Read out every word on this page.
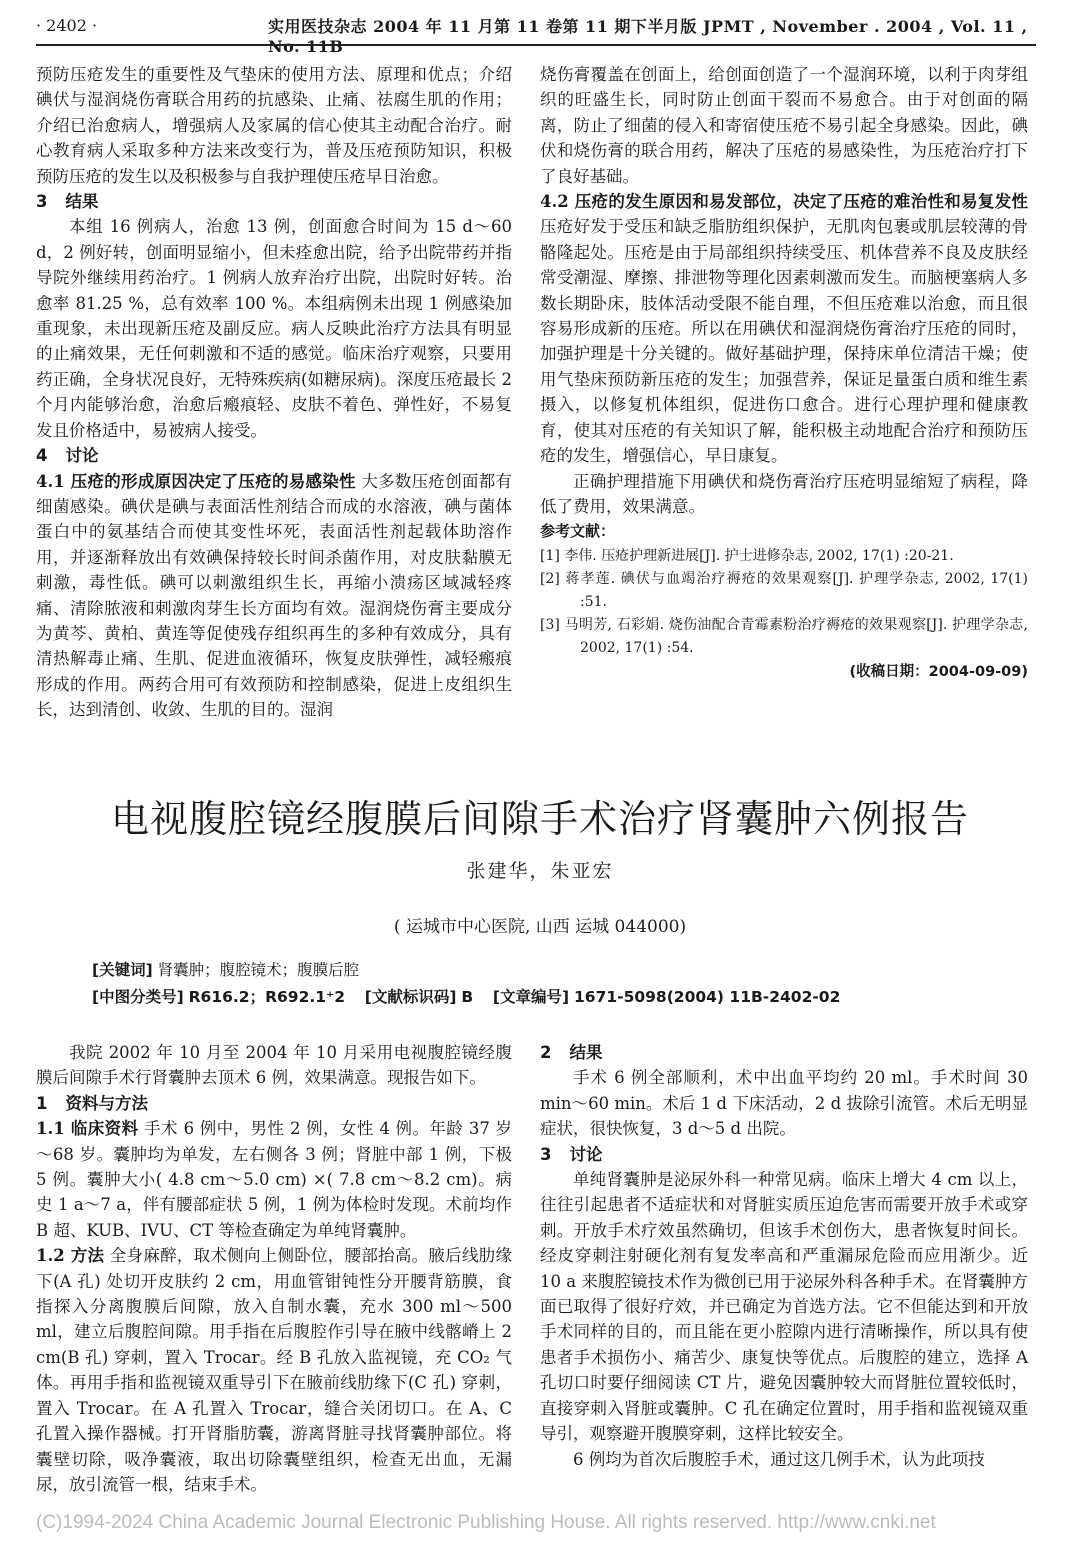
· 2402 ·	实用医技杂志 2004 年 11 月第 11 卷第 11 期下半月版 JPMT , November . 2004 , Vol. 11 , No. 11B

预防压疮发生的重要性及气垫床的使用方法、原理和优点；介绍碘伏与湿润烧伤膏联合用药的抗感染、止痛、祛腐生肌的作用；介绍已治愈病人，增强病人及家属的信心使其主动配合治疗。耐心教育病人采取多种方法来改变行为，普及压疮预防知识，积极预防压疮的发生以及积极参与自我护理使压疮早日治愈。

3 结果

本组 16 例病人，治愈 13 例，创面愈合时间为 15 d～60 d，2 例好转，创面明显缩小，但未痊愈出院，给予出院带药并指导院外继续用药治疗。1 例病人放弃治疗出院，出院时好转。治愈率 81.25 %，总有效率 100 %。本组病例未出现 1 例感染加重现象，未出现新压疮及副反应。病人反映此治疗方法具有明显的止痛效果，无任何刺激和不适的感觉。临床治疗观察，只要用药正确，全身状况良好，无特殊疾病(如糖尿病)。深度压疮最长 2 个月内能够治愈，治愈后瘢痕轻、皮肤不着色、弹性好，不易复发且价格适中，易被病人接受。

4 讨论

4.1 压疮的形成原因决定了压疮的易感染性 大多数压疮创面都有细菌感染。碘伏是碘与表面活性剂结合而成的水溶液，碘与菌体蛋白中的氨基结合而使其变性坏死，表面活性剂起载体助溶作用，并逐渐释放出有效碘保持较长时间杀菌作用，对皮肤黏膜无刺激，毒性低。碘可以刺激组织生长，再缩小溃疡区域减轻疼痛、清除脓液和刺激肉芽生长方面均有效。湿润烧伤膏主要成分为黄芩、黄柏、黄连等促使残存组织再生的多种有效成分，具有清热解毒止痛、生肌、促进血液循环，恢复皮肤弹性，减轻瘢痕形成的作用。两药合用可有效预防和控制感染，促进上皮组织生长，达到清创、收敛、生肌的目的。湿润

烧伤膏覆盖在创面上，给创面创造了一个湿润环境，以利于肉芽组织的旺盛生长，同时防止创面干裂而不易愈合。由于对创面的隔离，防止了细菌的侵入和寄宿使压疮不易引起全身感染。因此，碘伏和烧伤膏的联合用药，解决了压疮的易感染性，为压疮治疗打下了良好基础。

4.2 压疮的发生原因和易发部位，决定了压疮的难治性和易复发性 压疮好发于受压和缺乏脂肪组织保护，无肌肉包裹或肌层较薄的骨骼隆起处。压疮是由于局部组织持续受压、机体营养不良及皮肤经常受潮湿、摩擦、排泄物等理化因素刺激而发生。而脑梗塞病人多数长期卧床，肢体活动受限不能自理，不但压疮难以治愈，而且很容易形成新的压疮。所以在用碘伏和湿润烧伤膏治疗压疮的同时，加强护理是十分关键的。做好基础护理，保持床单位清洁干燥；使用气垫床预防新压疮的发生；加强营养，保证足量蛋白质和维生素摄入，以修复机体组织，促进伤口愈合。进行心理护理和健康教育，使其对压疮的有关知识了解，能积极主动地配合治疗和预防压疮的发生，增强信心，早日康复。

正确护理措施下用碘伏和烧伤膏治疗压疮明显缩短了病程，降低了费用，效果满意。

参考文献：

[1] 李伟. 压疮护理新进展[J]. 护士进修杂志, 2002, 17(1) :20-21.

[2] 蒋孝莲. 碘伏与血竭治疗褥疮的效果观察[J]. 护理学杂志, 2002, 17(1) :51.

[3] 马明芳, 石彩娟. 烧伤油配合青霉素粉治疗褥疮的效果观察[J]. 护理学杂志, 2002, 17(1) :54.

(收稿日期：2004-09-09)

电视腹腔镜经腹膜后间隙手术治疗肾囊肿六例报告
张建华，朱亚宏
( 运城市中心医院, 山西 运城 044000)
[关键词] 肾囊肿；腹腔镜术；腹膜后腔
[中图分类号] R616.2；R692.1⁺2 [文献标识码] B [文章编号] 1671-5098(2004) 11B-2402-02

我院 2002 年 10 月至 2004 年 10 月采用电视腹腔镜经腹膜后间隙手术行肾囊肿去顶术 6 例，效果满意。现报告如下。

1 资料与方法

1.1 临床资料 手术 6 例中，男性 2 例，女性 4 例。年龄 37 岁～68 岁。囊肿均为单发，左右侧各 3 例；肾脏中部 1 例，下极 5 例。囊肿大小( 4.8 cm～5.0 cm) ×( 7.8 cm～8.2 cm)。病史 1 a～7 a，伴有腰部症状 5 例，1 例为体检时发现。术前均作 B 超、KUB、IVU、CT 等检查确定为单纯肾囊肿。

1.2 方法 全身麻醉，取术侧向上侧卧位，腰部抬高。腋后线肋缘下(A 孔) 处切开皮肤约 2 cm，用血管钳钝性分开腰背筋膜，食指探入分离腹膜后间隙，放入自制水囊，充水 300 ml～500 ml，建立后腹腔间隙。用手指在后腹腔作引导在腋中线髂嵴上 2 cm(B 孔) 穿刺，置入 Trocar。经 B 孔放入监视镜，充 CO₂ 气体。再用手指和监视镜双重导引下在腋前线肋缘下(C 孔) 穿刺，置入 Trocar。在 A 孔置入 Trocar，缝合关闭切口。在 A、C 孔置入操作器械。打开肾脂肪囊，游离肾脏寻找肾囊肿部位。将囊壁切除，吸净囊液，取出切除囊壁组织，检查无出血，无漏尿，放引流管一根，结束手术。

2 结果

手术 6 例全部顺利，术中出血平均约 20 ml。手术时间 30 min～60 min。术后 1 d 下床活动，2 d 拔除引流管。术后无明显症状，很快恢复，3 d～5 d 出院。

3 讨论

单纯肾囊肿是泌尿外科一种常见病。临床上增大 4 cm 以上，往往引起患者不适症状和对肾脏实质压迫危害而需要开放手术或穿刺。开放手术疗效虽然确切，但该手术创伤大，患者恢复时间长。经皮穿刺注射硬化剂有复发率高和严重漏尿危险而应用渐少。近 10 a 来腹腔镜技术作为微创已用于泌尿外科各种手术。在肾囊肿方面已取得了很好疗效，并已确定为首选方法。它不但能达到和开放手术同样的目的，而且能在更小腔隙内进行清晰操作，所以具有使患者手术损伤小、痛苦少、康复快等优点。后腹腔的建立，选择 A 孔切口时要仔细阅读 CT 片，避免因囊肿较大而肾脏位置较低时，直接穿刺入肾脏或囊肿。C 孔在确定位置时，用手指和监视镜双重导引，观察避开腹膜穿刺，这样比较安全。

6 例均为首次后腹腔手术，通过这几例手术，认为此项技

(C)1994-2024 China Academic Journal Electronic Publishing House. All rights reserved. http://www.cnki.net
